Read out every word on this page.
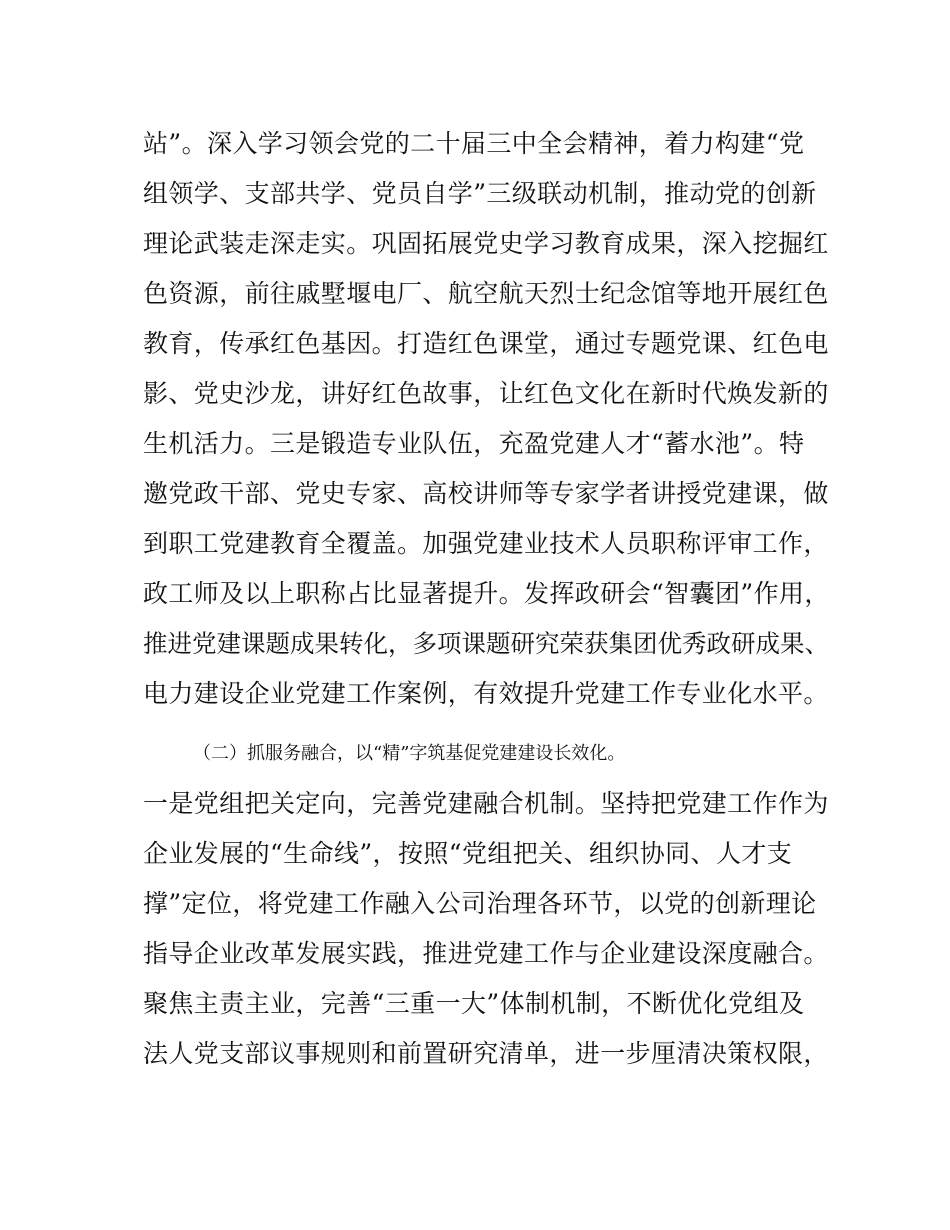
站”。深入学习领会党的二十届三中全会精神，着力构建“党
组领学、支部共学、党员自学”三级联动机制，推动党的创新
理论武装走深走实。巩固拓展党史学习教育成果，深入挖掘红
色资源，前往戚墅堰电厂、航空航天烈士纪念馆等地开展红色
教育，传承红色基因。打造红色课堂，通过专题党课、红色电
影、党史沙龙，讲好红色故事，让红色文化在新时代焕发新的
生机活力。三是锻造专业队伍，充盈党建人才“蓄水池”。特
邀党政干部、党史专家、高校讲师等专家学者讲授党建课，做
到职工党建教育全覆盖。加强党建业技术人员职称评审工作，
政工师及以上职称占比显著提升。发挥政研会“智囊团”作用，
推进党建课题成果转化，多项课题研究荣获集团优秀政研成果、
电力建设企业党建工作案例，有效提升党建工作专业化水平。
（二）抓服务融合，以“精”字筑基促党建建设长效化。
一是党组把关定向，完善党建融合机制。坚持把党建工作作为
企业发展的“生命线”，按照“党组把关、组织协同、人才支
撑”定位，将党建工作融入公司治理各环节，以党的创新理论
指导企业改革发展实践，推进党建工作与企业建设深度融合。
聚焦主责主业，完善“三重一大”体制机制，不断优化党组及
法人党支部议事规则和前置研究清单，进一步厘清决策权限，
